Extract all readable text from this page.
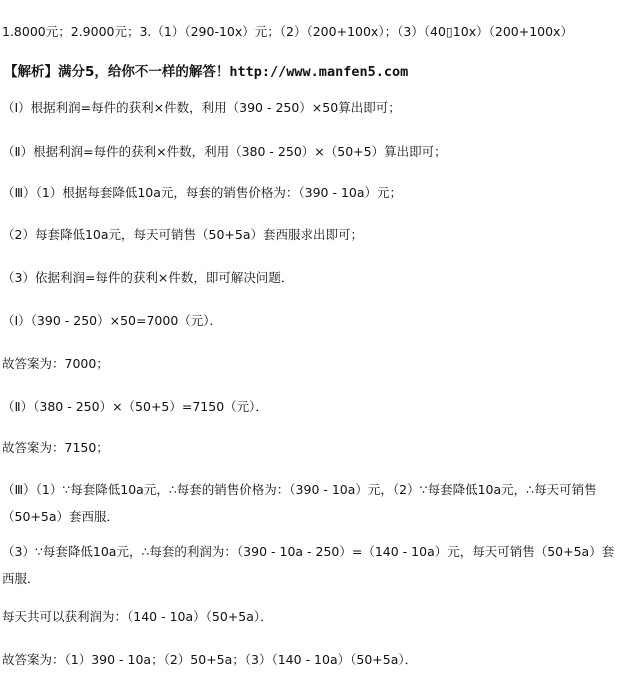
1.8000元；2.9000元；3.（1）（290-10x）元；（2）（200+100x）；（3）（40▯10x）（200+100x）
【解析】满分5，给你不一样的解答！http://www.manfen5.com
（Ⅰ）根据利润=每件的获利×件数，利用（390 - 250）×50算出即可；
（Ⅱ）根据利润=每件的获利×件数，利用（380 - 250）×（50+5）算出即可；
（Ⅲ）（1）根据每套降低10a元，每套的销售价格为：（390 - 10a）元；
（2）每套降低10a元，每天可销售（50+5a）套西服求出即可；
（3）依据利润=每件的获利×件数，即可解决问题．
（Ⅰ）（390 - 250）×50=7000（元）．
故答案为：7000；
（Ⅱ）（380 - 250）×（50+5）=7150（元）．
故答案为：7150；
（Ⅲ）（1）∵每套降低10a元，∴每套的销售价格为：（390 - 10a）元，（2）∵每套降低10a元，∴每天可销售（50+5a）套西服．
（3）∵每套降低10a元，∴每套的利润为：（390 - 10a - 250）=（140 - 10a）元，每天可销售（50+5a）套西服．
每天共可以获利润为：（140 - 10a）（50+5a）．
故答案为：（1）390 - 10a；（2）50+5a；（3）（140 - 10a）（50+5a）．
